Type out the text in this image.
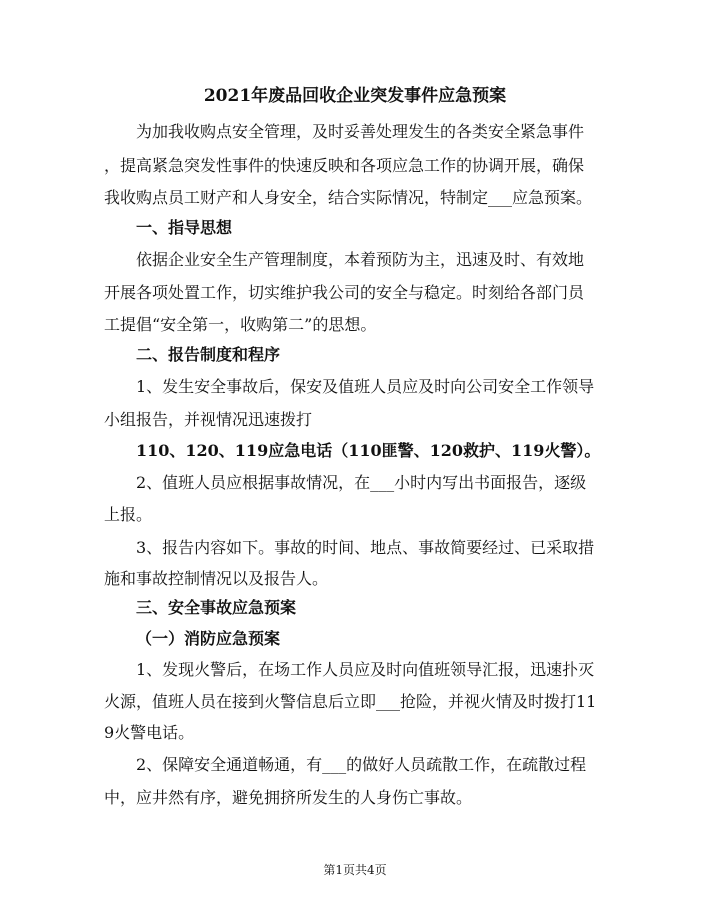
2021年废品回收企业突发事件应急预案
为加我收购点安全管理，及时妥善处理发生的各类安全紧急事件
，提高紧急突发性事件的快速反映和各项应急工作的协调开展，确保
我收购点员工财产和人身安全，结合实际情况，特制定___应急预案。
一、指导思想
依据企业安全生产管理制度，本着预防为主，迅速及时、有效地
开展各项处置工作，切实维护我公司的安全与稳定。时刻给各部门员
工提倡“安全第一，收购第二”的思想。
二、报告制度和程序
1、发生安全事故后，保安及值班人员应及时向公司安全工作领导
小组报告，并视情况迅速拨打
110、120、119应急电话（110匪警、120救护、119火警）。
2、值班人员应根据事故情况，在___小时内写出书面报告，逐级
上报。
3、报告内容如下。事故的时间、地点、事故简要经过、已采取措
施和事故控制情况以及报告人。
三、安全事故应急预案
（一）消防应急预案
1、发现火警后，在场工作人员应及时向值班领导汇报，迅速扑灭
火源，值班人员在接到火警信息后立即___抢险，并视火情及时拨打11
9火警电话。
2、保障安全通道畅通，有___的做好人员疏散工作，在疏散过程
中，应井然有序，避免拥挤所发生的人身伤亡事故。
第1页共4页
